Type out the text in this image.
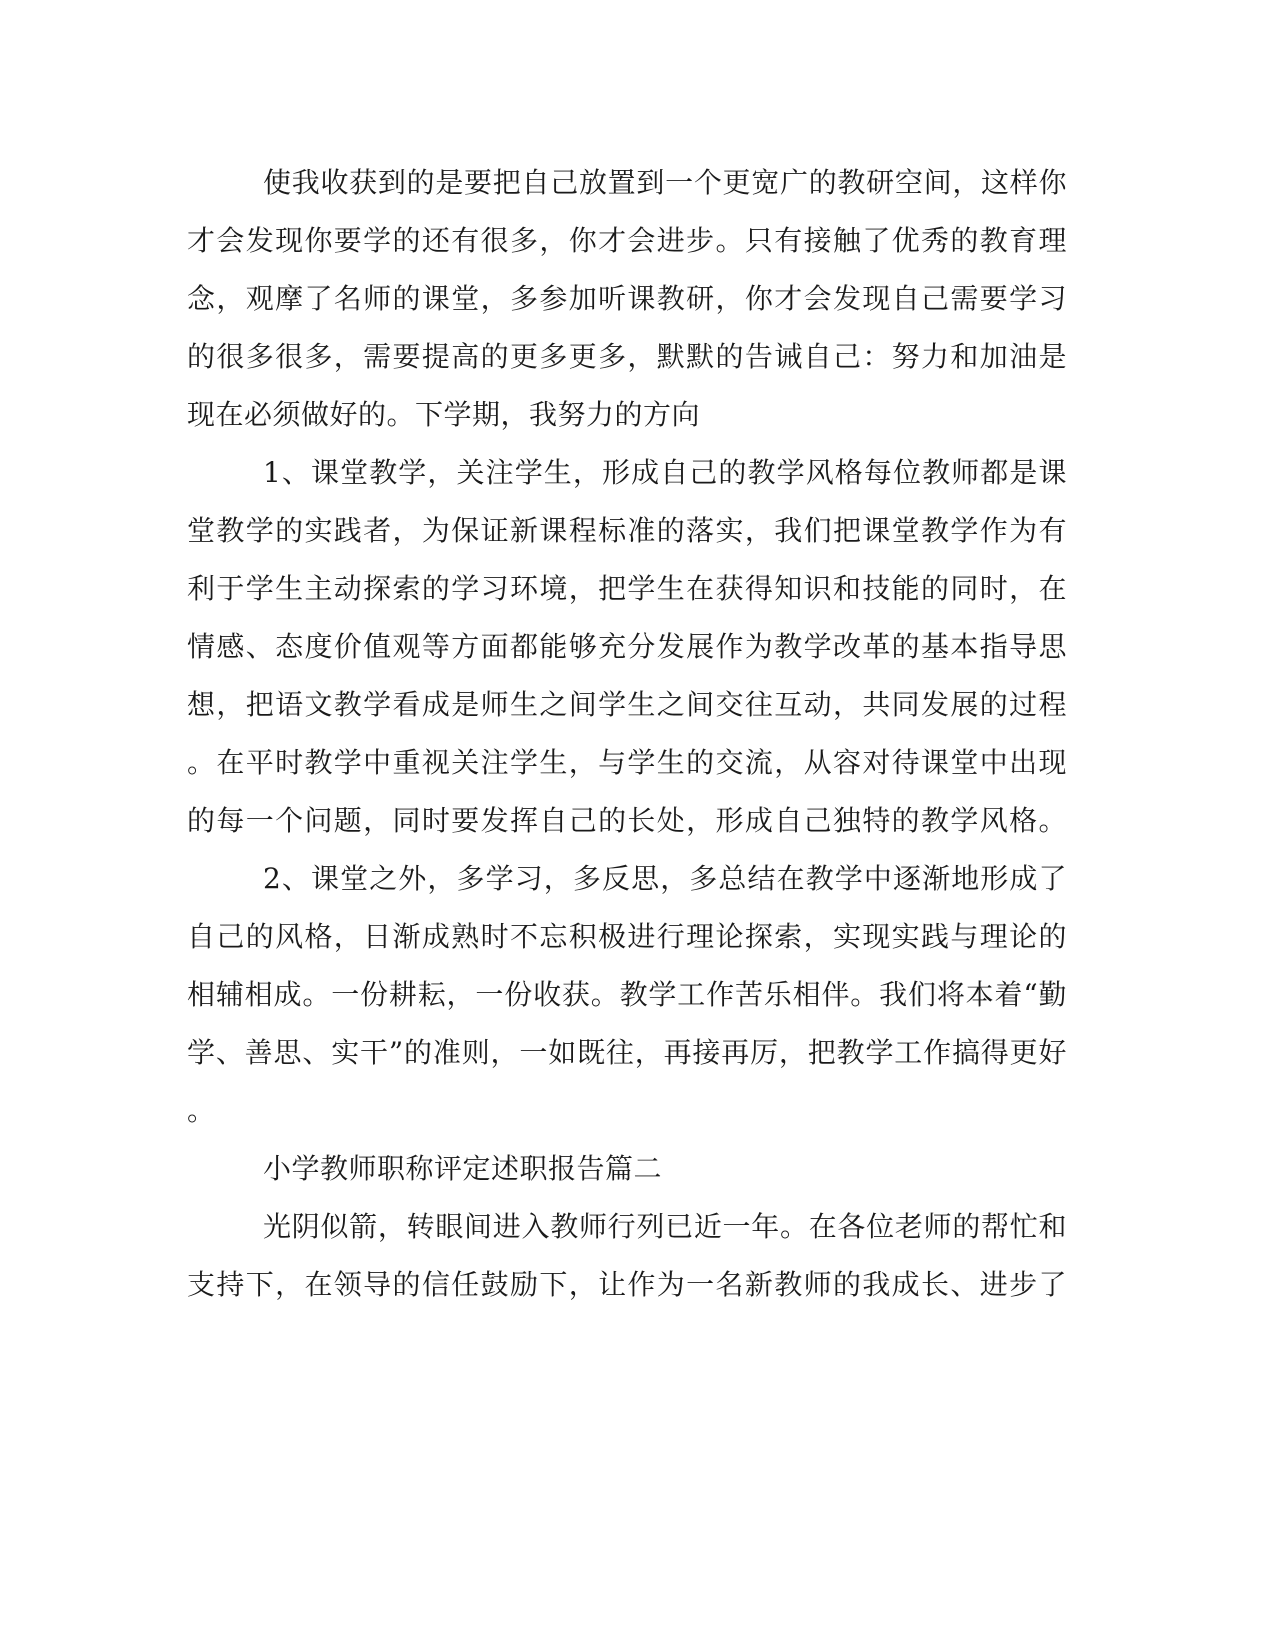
使我收获到的是要把自己放置到一个更宽广的教研空间，这样你
才会发现你要学的还有很多，你才会进步。只有接触了优秀的教育理
念，观摩了名师的课堂，多参加听课教研，你才会发现自己需要学习
的很多很多，需要提高的更多更多，默默的告诫自己：努力和加油是
现在必须做好的。下学期，我努力的方向
1、课堂教学，关注学生，形成自己的教学风格每位教师都是课
堂教学的实践者，为保证新课程标准的落实，我们把课堂教学作为有
利于学生主动探索的学习环境，把学生在获得知识和技能的同时，在
情感、态度价值观等方面都能够充分发展作为教学改革的基本指导思
想，把语文教学看成是师生之间学生之间交往互动，共同发展的过程
。在平时教学中重视关注学生，与学生的交流，从容对待课堂中出现
的每一个问题，同时要发挥自己的长处，形成自己独特的教学风格。
2、课堂之外，多学习，多反思，多总结在教学中逐渐地形成了
自己的风格，日渐成熟时不忘积极进行理论探索，实现实践与理论的
相辅相成。一份耕耘，一份收获。教学工作苦乐相伴。我们将本着“勤
学、善思、实干”的准则，一如既往，再接再厉，把教学工作搞得更好
。
小学教师职称评定述职报告篇二
光阴似箭，转眼间进入教师行列已近一年。在各位老师的帮忙和
支持下，在领导的信任鼓励下，让作为一名新教师的我成长、进步了
